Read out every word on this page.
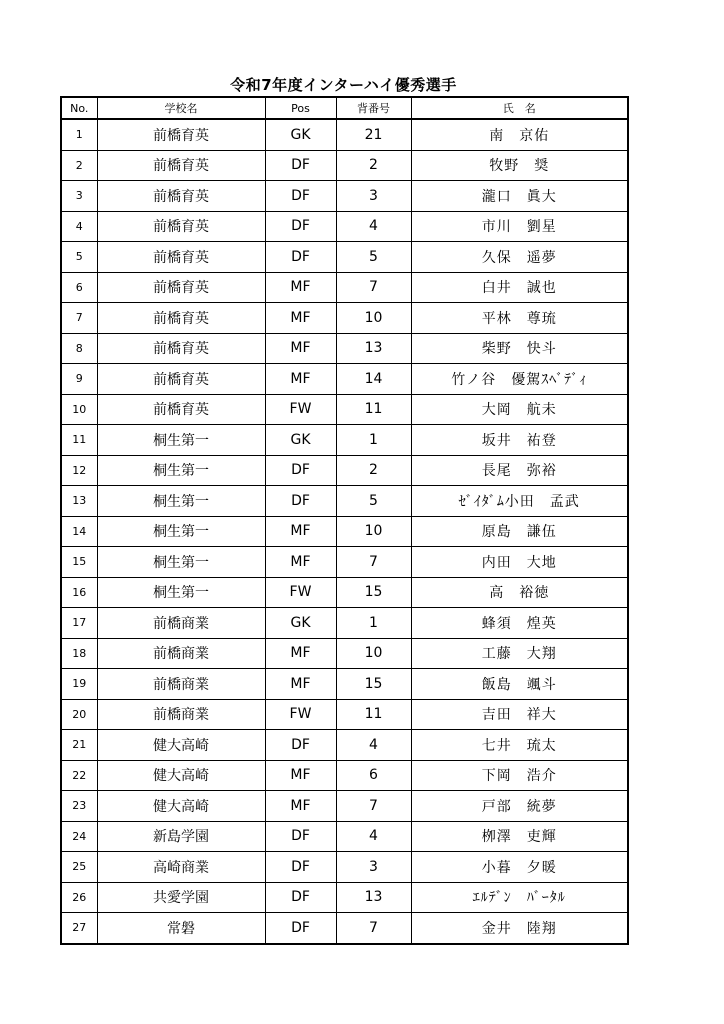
令和7年度インターハイ優秀選手
No.	学校名	Pos	背番号	氏　名
1	前橋育英	GK	21	南　京佑
2	前橋育英	DF	2	牧野　奨
3	前橋育英	DF	3	瀧口　眞大
4	前橋育英	DF	4	市川　劉星
5	前橋育英	DF	5	久保　遥夢
6	前橋育英	MF	7	白井　誠也
7	前橋育英	MF	10	平林　尊琉
8	前橋育英	MF	13	柴野　快斗
9	前橋育英	MF	14	竹ノ谷　優駕ｽﾍﾞﾃﾞｨ
10	前橋育英	FW	11	大岡　航未
11	桐生第一	GK	1	坂井　祐登
12	桐生第一	DF	2	長尾　弥裕
13	桐生第一	DF	5	ｾﾞｲﾀﾞﾑ小田　孟武
14	桐生第一	MF	10	原島　謙伍
15	桐生第一	MF	7	内田　大地
16	桐生第一	FW	15	高　裕徳
17	前橋商業	GK	1	蜂須　煌英
18	前橋商業	MF	10	工藤　大翔
19	前橋商業	MF	15	飯島　颯斗
20	前橋商業	FW	11	吉田　祥大
21	健大高崎	DF	4	七井　琉太
22	健大高崎	MF	6	下岡　浩介
23	健大高崎	MF	7	戸部　統夢
24	新島学園	DF	4	栁澤　吏輝
25	高崎商業	DF	3	小暮　夕暖
26	共愛学園	DF	13	ｴﾙﾃﾞﾝ　ﾊﾞｰﾀﾙ
27	常磐	DF	7	金井　陸翔
